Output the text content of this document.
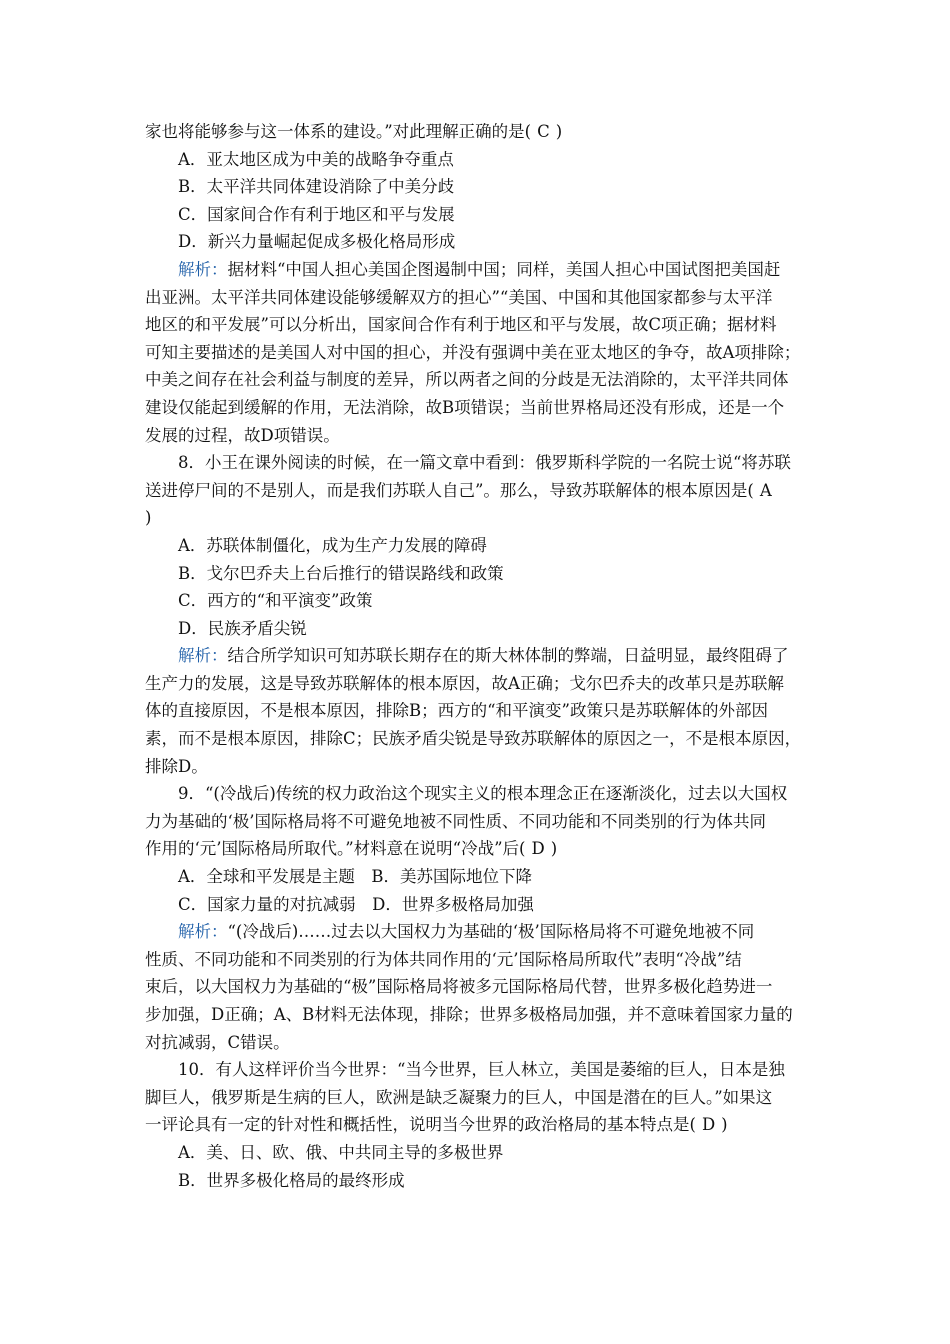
家也将能够参与这一体系的建设。”对此理解正确的是( C )
A．亚太地区成为中美的战略争夺重点
B．太平洋共同体建设消除了中美分歧
C．国家间合作有利于地区和平与发展
D．新兴力量崛起促成多极化格局形成
解析：据材料“中国人担心美国企图遏制中国；同样，美国人担心中国试图把美国赶
出亚洲。太平洋共同体建设能够缓解双方的担心”“美国、中国和其他国家都参与太平洋
地区的和平发展”可以分析出，国家间合作有利于地区和平与发展，故C项正确；据材料
可知主要描述的是美国人对中国的担心，并没有强调中美在亚太地区的争夺，故A项排除；
中美之间存在社会利益与制度的差异，所以两者之间的分歧是无法消除的，太平洋共同体
建设仅能起到缓解的作用，无法消除，故B项错误；当前世界格局还没有形成，还是一个
发展的过程，故D项错误。
8．小王在课外阅读的时候，在一篇文章中看到：俄罗斯科学院的一名院士说“将苏联
送进停尸间的不是别人，而是我们苏联人自己”。那么，导致苏联解体的根本原因是( A
)
A．苏联体制僵化，成为生产力发展的障碍
B．戈尔巴乔夫上台后推行的错误路线和政策
C．西方的“和平演变”政策
D．民族矛盾尖锐
解析：结合所学知识可知苏联长期存在的斯大林体制的弊端，日益明显，最终阻碍了
生产力的发展，这是导致苏联解体的根本原因，故A正确；戈尔巴乔夫的改革只是苏联解
体的直接原因，不是根本原因，排除B；西方的“和平演变”政策只是苏联解体的外部因
素，而不是根本原因，排除C；民族矛盾尖锐是导致苏联解体的原因之一，不是根本原因，
排除D。
9．“(冷战后)传统的权力政治这个现实主义的根本理念正在逐渐淡化，过去以大国权
力为基础的‘极’国际格局将不可避免地被不同性质、不同功能和不同类别的行为体共同
作用的‘元’国际格局所取代。”材料意在说明“冷战”后( D )
A．全球和平发展是主题　B．美苏国际地位下降
C．国家力量的对抗减弱　D．世界多极格局加强
解析：“(冷战后)……过去以大国权力为基础的‘极’国际格局将不可避免地被不同
性质、不同功能和不同类别的行为体共同作用的‘元’国际格局所取代”表明“冷战”结
束后，以大国权力为基础的“极”国际格局将被多元国际格局代替，世界多极化趋势进一
步加强，D正确；A、B材料无法体现，排除；世界多极格局加强，并不意味着国家力量的
对抗减弱，C错误。
10．有人这样评价当今世界：“当今世界，巨人林立，美国是萎缩的巨人，日本是独
脚巨人，俄罗斯是生病的巨人，欧洲是缺乏凝聚力的巨人，中国是潜在的巨人。”如果这
一评论具有一定的针对性和概括性，说明当今世界的政治格局的基本特点是( D )
A．美、日、欧、俄、中共同主导的多极世界
B．世界多极化格局的最终形成
